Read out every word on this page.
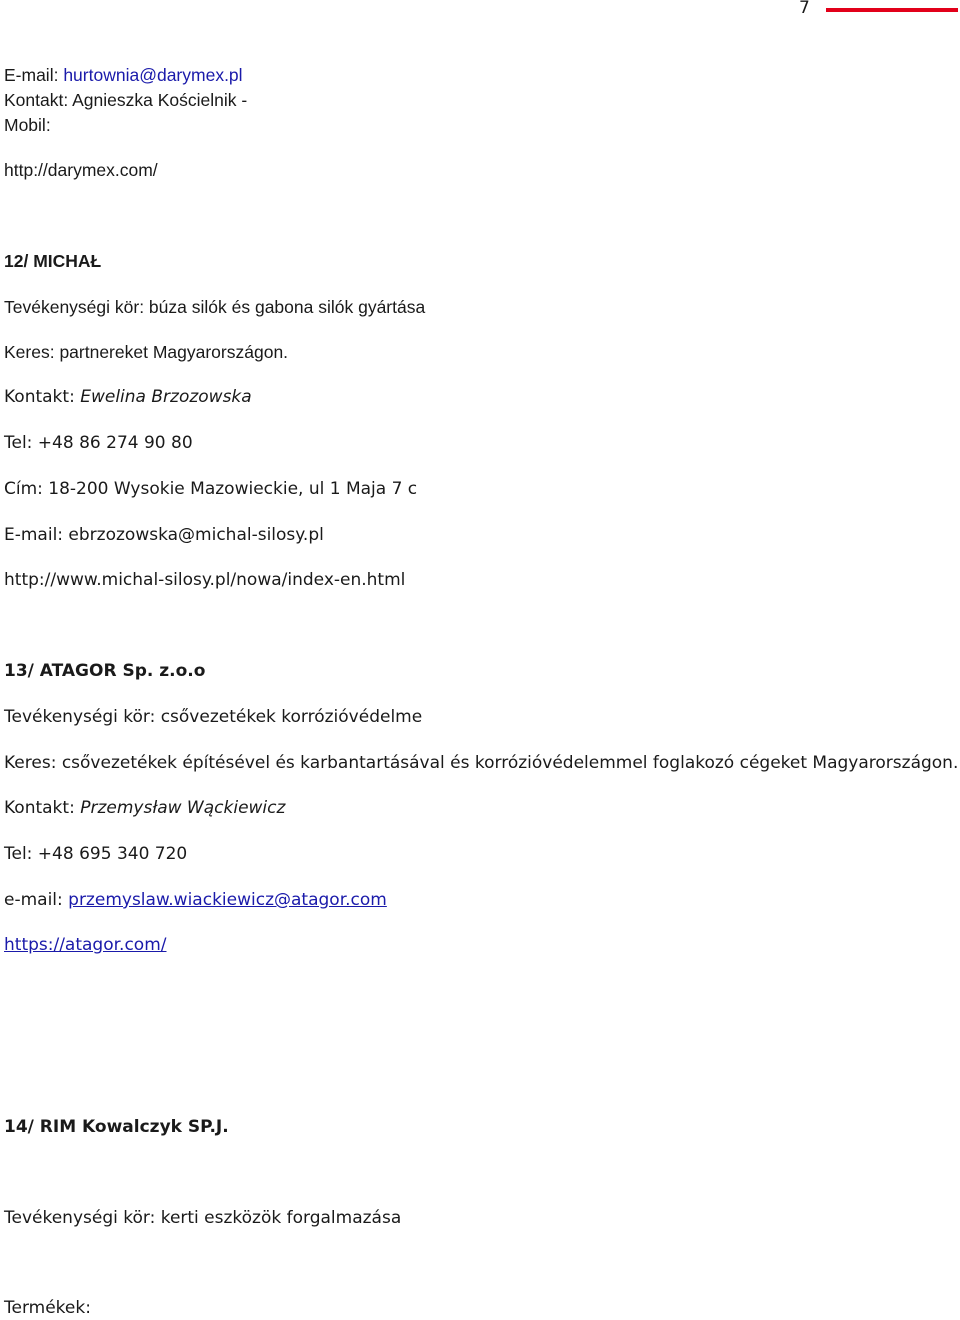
7
E-mail: hurtownia@darymex.pl
Kontakt: Agnieszka Kościelnik -
Mobil:
http://darymex.com/
12/ MICHAŁ
Tevékenységi kör: búza silók és gabona silók gyártása
Keres: partnereket Magyarországon.
Kontakt: Ewelina Brzozowska
Tel: +48 86 274 90 80
Cím: 18-200 Wysokie Mazowieckie, ul 1 Maja 7 c
E-mail: ebrzozowska@michal-silosy.pl
http://www.michal-silosy.pl/nowa/index-en.html
13/ ATAGOR Sp. z.o.o
Tevékenységi kör: csővezetékek korrózióvédelme
Keres: csővezetékek építésével és karbantartásával és korrózióvédelemmel foglakozó cégeket Magyarországon.
Kontakt: Przemysław Wąckiewicz
Tel: +48 695 340 720
e-mail: przemyslaw.wiackiewicz@atagor.com
https://atagor.com/
14/ RIM Kowalczyk SP.J.
Tevékenységi kör: kerti eszközök forgalmazása
Termékek:
